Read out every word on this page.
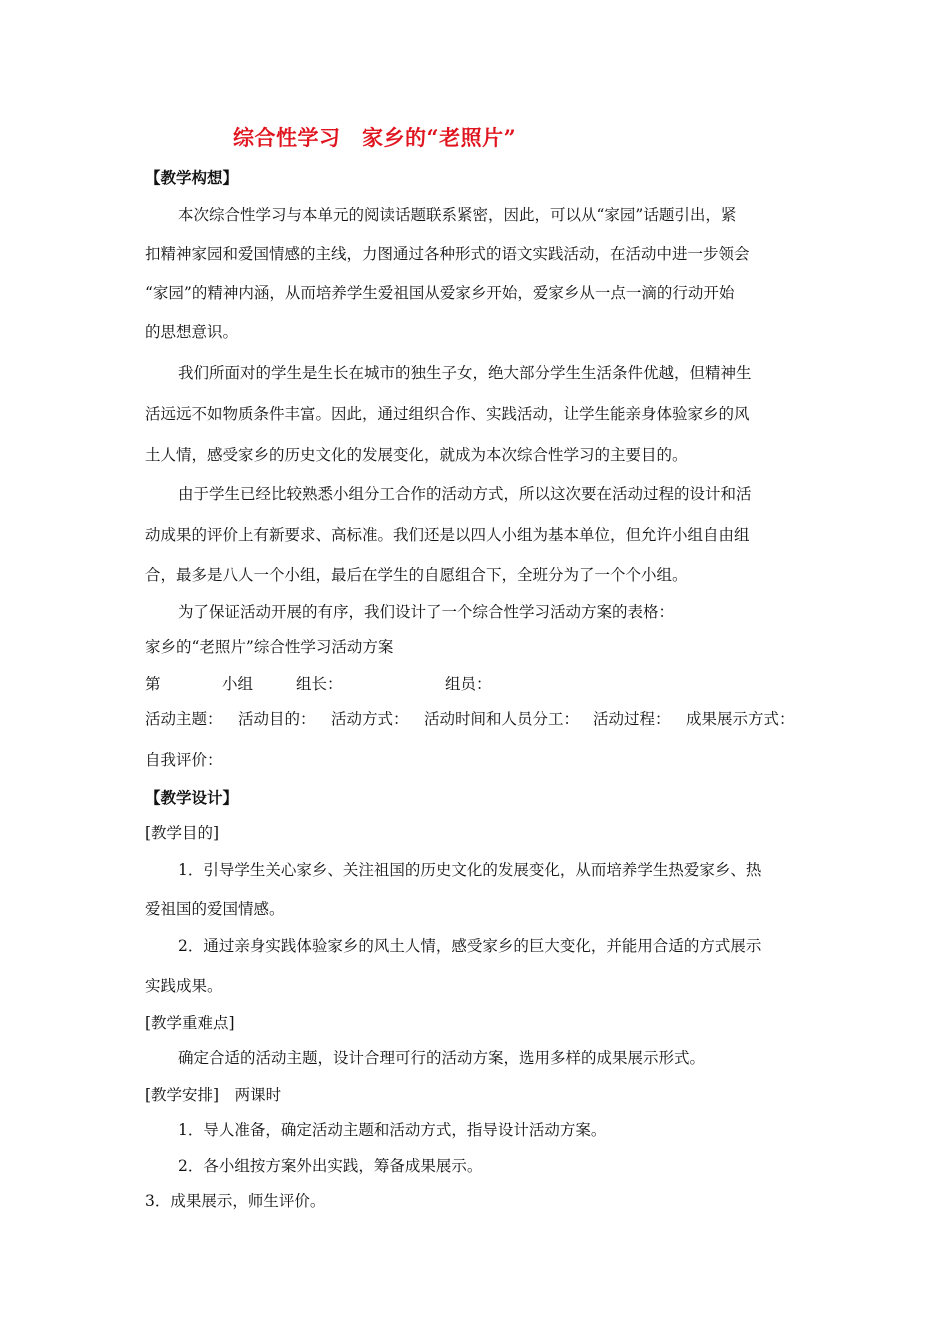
综合性学习　家乡的“老照片”
【教学构想】
本次综合性学习与本单元的阅读话题联系紧密，因此，可以从“家园”话题引出，紧
扣精神家园和爱国情感的主线，力图通过各种形式的语文实践活动，在活动中进一步领会
“家园”的精神内涵，从而培养学生爱祖国从爱家乡开始，爱家乡从一点一滴的行动开始
的思想意识。
我们所面对的学生是生长在城市的独生子女，绝大部分学生生活条件优越，但精神生
活远远不如物质条件丰富。因此，通过组织合作、实践活动，让学生能亲身体验家乡的风
土人情，感受家乡的历史文化的发展变化，就成为本次综合性学习的主要目的。
由于学生已经比较熟悉小组分工合作的活动方式，所以这次要在活动过程的设计和活
动成果的评价上有新要求、高标准。我们还是以四人小组为基本单位，但允许小组自由组
合，最多是八人一个小组，最后在学生的自愿组合下，全班分为了一个个小组。
为了保证活动开展的有序，我们设计了一个综合性学习活动方案的表格：
家乡的“老照片”综合性学习活动方案
第	小组	组长：	组员：
活动主题： 活动目的： 活动方式： 活动时间和人员分工： 活动过程： 成果展示方式：
自我评价：
【教学设计】
[教学目的]
1．引导学生关心家乡、关注祖国的历史文化的发展变化，从而培养学生热爱家乡、热
爱祖国的爱国情感。
2．通过亲身实践体验家乡的风土人情，感受家乡的巨大变化，并能用合适的方式展示
实践成果。
[教学重难点]
确定合适的活动主题，设计合理可行的活动方案，选用多样的成果展示形式。
[教学安排]　两课时
1．导人准备，确定活动主题和活动方式，指导设计活动方案。
2．各小组按方案外出实践，筹备成果展示。
3．成果展示，师生评价。
